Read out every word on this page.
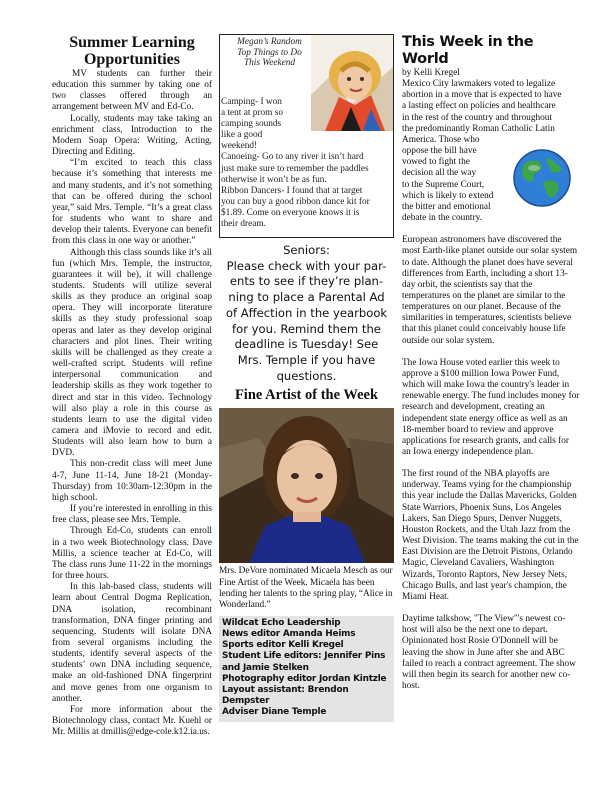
Summer Learning Opportunities

MV students can further their education this summer by taking one of two classes offered through an arrangement between MV and Ed-Co.

Locally, students may take taking an enrichment class, Introduction to the Modern Soap Opera: Writing, Acting, Directing and Editing.

“I’m excited to teach this class because it’s something that interests me and many students, and it’s not something that can be offered during the school year,” said Mrs. Temple. “It’s a great class for students who want to share and develop their talents. Everyone can benefit from this class in one way or another.”

Although this class sounds like it’s all fun (which Mrs. Temple, the instructor, guarantees it will be), it will challenge students. Students will utilize several skills as they produce an original soap opera. They will incorporate literature skills as they study professional soap operas and later as they develop original characters and plot lines. Their writing skills will be challenged as they create a well-crafted script. Students will refine interpersonal communication and leadership skills as they work together to direct and star in this video. Technology will also play a role in this course as students learn to use the digital video camera and iMovie to record and edit. Students will also learn how to burn a DVD.

This non-credit class will meet June 4-7, June 11-14, June 18-21 (Monday-Thursday) from 10:30am-12:30pm in the high school.

If you’re interested in enrolling in this free class, please see Mrs. Temple.

Through Ed-Co, students can enroll in a two week Biotechnology class. Dave Millis, a science teacher at Ed-Co, will The class runs June 11-22 in the mornings for three hours.

In this lab-based class, students will learn about Central Dogma Replication, DNA isolation, recombinant transformation, DNA finger printing and sequencing. Students will isolate DNA from several organisms including the students, identify several aspects of the students’ own DNA including sequence, make an old-fashioned DNA fingerprint and move genes from one organism to another.

For more information about the Biotechnology class, contact Mr. Kuehl or Mr. Millis at dmillis@edge-cole.k12.ia.us.

Megan’s Random
Top Things to Do
This Weekend
Camping- I won
a tent at prom so
camping sounds
like a good
weekend!
Canoeing- Go to any river it isn’t hard
just make sure to remember the paddles
otherwise it won’t be as fun.
Ribbon Dancers- I found that at target
you can buy a good ribbon dance kit for
$1.89. Come on everyone knows it is
their dream.
Seniors:
Please check with your par-
ents to see if they’re plan-
ning to place a Parental Ad
of Affection in the yearbook
for you. Remind them the
deadline is Tuesday! See
Mrs. Temple if you have
questions.
Fine Artist of the Week
Mrs. DeVore nominated Micaela Mesch as our Fine Artist of the Week. Micaela has been lending her talents to the spring play, “Alice in Wonderland.”
Wildcat Echo Leadership
News editor Amanda Heims
Sports editor Kelli Kregel
Student Life editors: Jennifer Pins
and Jamie Stelken
Photography editor Jordan Kintzle
Layout assistant: Brendon Dempster
Adviser Diane Temple
This Week in the World
by Kelli Kregel
Mexico City lawmakers voted to legalize
abortion in a move that is expected to have
a lasting effect on policies and healthcare
in the rest of the country and throughout
the predominantly Roman Catholic Latin
America. Those who
oppose the bill have
vowed to fight the
decision all the way
to the Supreme Court,
which is likely to extend
the bitter and emotional
debate in the country.
European astronomers have discovered the most Earth-like planet outside our solar system to date. Although the planet does have several differences from Earth, including a short 13-day orbit, the scientists say that the temperatures on the planet are similar to the temperatures on our planet. Because of the similarities in temperatures, scientists believe that this planet could conceivably house life outside our solar system.
The Iowa House voted earlier this week to approve a $100 million Iowa Power Fund, which will make Iowa the country's leader in renewable energy. The fund includes money for research and development, creating an independent state energy office as well as an 18-member board to review and approve applications for research grants, and calls for an Iowa energy independence plan.
The first round of the NBA playoffs are underway. Teams vying for the championship this year include the Dallas Mavericks, Golden State Warriors, Phoenix Suns, Los Angeles Lakers, San Diego Spurs, Denver Nuggets, Houston Rockets, and the Utah Jazz from the West Division. The teams making the cut in the East Division are the Detroit Pistons, Orlando Magic, Cleveland Cavaliers, Washington Wizards, Toronto Raptors, New Jersey Nets, Chicago Bulls, and last year's champion, the Miami Heat.
Daytime talkshow, "The View"'s newest co-host will also be the next one to depart. Opinionated host Rosie O'Donnell will be leaving the show in June after she and ABC failed to reach a contract agreement. The show will then begin its search for another new co-host.
